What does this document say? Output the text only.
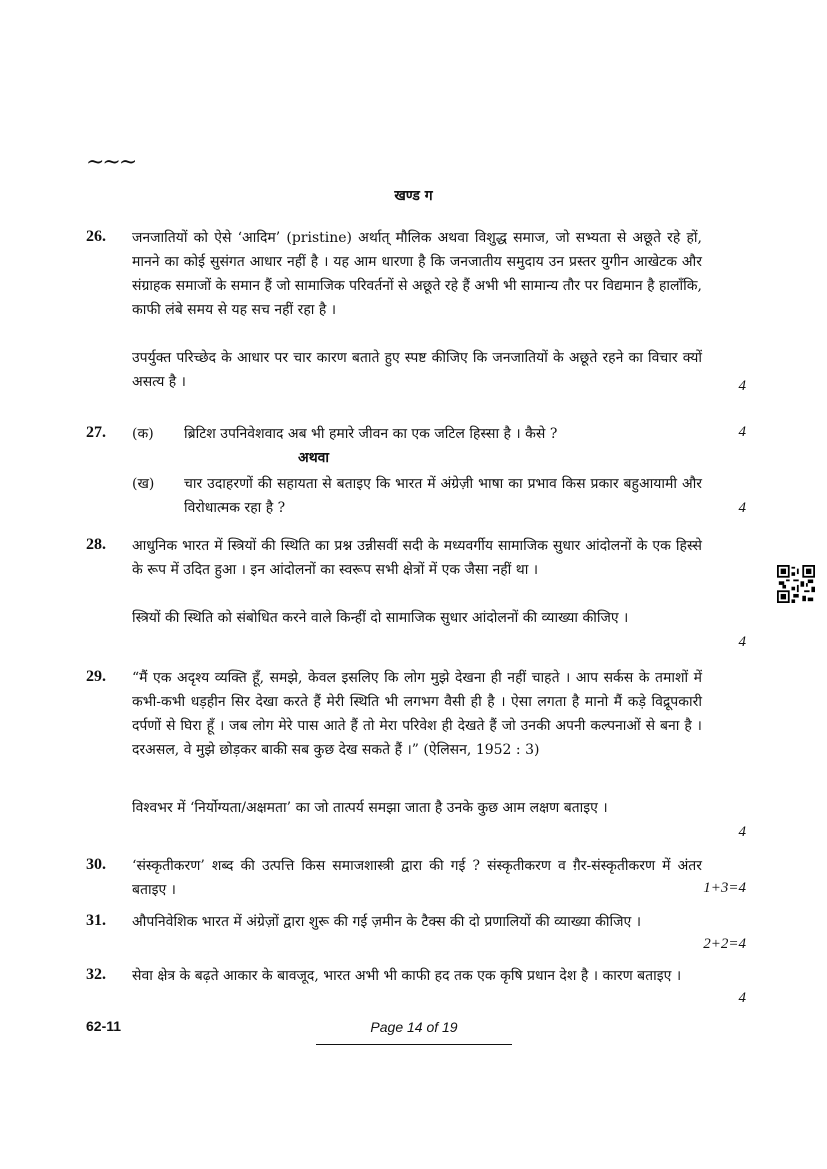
~~~
खण्ड ग
26. जनजातियों को ऐसे ‘आदिम’ (pristine) अर्थात् मौलिक अथवा विशुद्ध समाज, जो सभ्यता से अछूते रहे हों, मानने का कोई सुसंगत आधार नहीं है । यह आम धारणा है कि जनजातीय समुदाय उन प्रस्तर युगीन आखेटक और संग्राहक समाजों के समान हैं जो सामाजिक परिवर्तनों से अछूते रहे हैं अभी भी सामान्य तौर पर विद्यमान है हालाँकि, काफी लंबे समय से यह सच नहीं रहा है ।
उपर्युक्त परिच्छेद के आधार पर चार कारण बताते हुए स्पष्ट कीजिए कि जनजातियों के अछूते रहने का विचार क्यों असत्य है ।	4
27. (क) ब्रिटिश उपनिवेशवाद अब भी हमारे जीवन का एक जटिल हिस्सा है । कैसे ?	4
अथवा
(ख) चार उदाहरणों की सहायता से बताइए कि भारत में अंग्रेज़ी भाषा का प्रभाव किस प्रकार बहुआयामी और विरोधात्मक रहा है ?	4
28. आधुनिक भारत में स्त्रियों की स्थिति का प्रश्न उन्नीसवीं सदी के मध्यवर्गीय सामाजिक सुधार आंदोलनों के एक हिस्से के रूप में उदित हुआ । इन आंदोलनों का स्वरूप सभी क्षेत्रों में एक जैसा नहीं था ।
स्त्रियों की स्थिति को संबोधित करने वाले किन्हीं दो सामाजिक सुधार आंदोलनों की व्याख्या कीजिए ।
4
29. “मैं एक अदृश्य व्यक्ति हूँ, समझे, केवल इसलिए कि लोग मुझे देखना ही नहीं चाहते । आप सर्कस के तमाशों में कभी-कभी धड़हीन सिर देखा करते हैं मेरी स्थिति भी लगभग वैसी ही है । ऐसा लगता है मानो मैं कड़े विद्रूपकारी दर्पणों से घिरा हूँ । जब लोग मेरे पास आते हैं तो मेरा परिवेश ही देखते हैं जो उनकी अपनी कल्पनाओं से बना है । दरअसल, वे मुझे छोड़कर बाकी सब कुछ देख सकते हैं ।” (ऐलिसन, 1952 : 3)
विश्वभर में ‘निर्योग्यता/अक्षमता’ का जो तात्पर्य समझा जाता है उनके कुछ आम लक्षण बताइए ।
4
30. ‘संस्कृतीकरण’ शब्द की उत्पत्ति किस समाजशास्त्री द्वारा की गई ? संस्कृतीकरण व ग़ैर-संस्कृतीकरण में अंतर बताइए ।	1+3=4
31. औपनिवेशिक भारत में अंग्रेज़ों द्वारा शुरू की गई ज़मीन के टैक्स की दो प्रणालियों की व्याख्या कीजिए ।
2+2=4
32. सेवा क्षेत्र के बढ़ते आकार के बावजूद, भारत अभी भी काफी हद तक एक कृषि प्रधान देश है । कारण बताइए ।
4
62-11	Page 14 of 19
